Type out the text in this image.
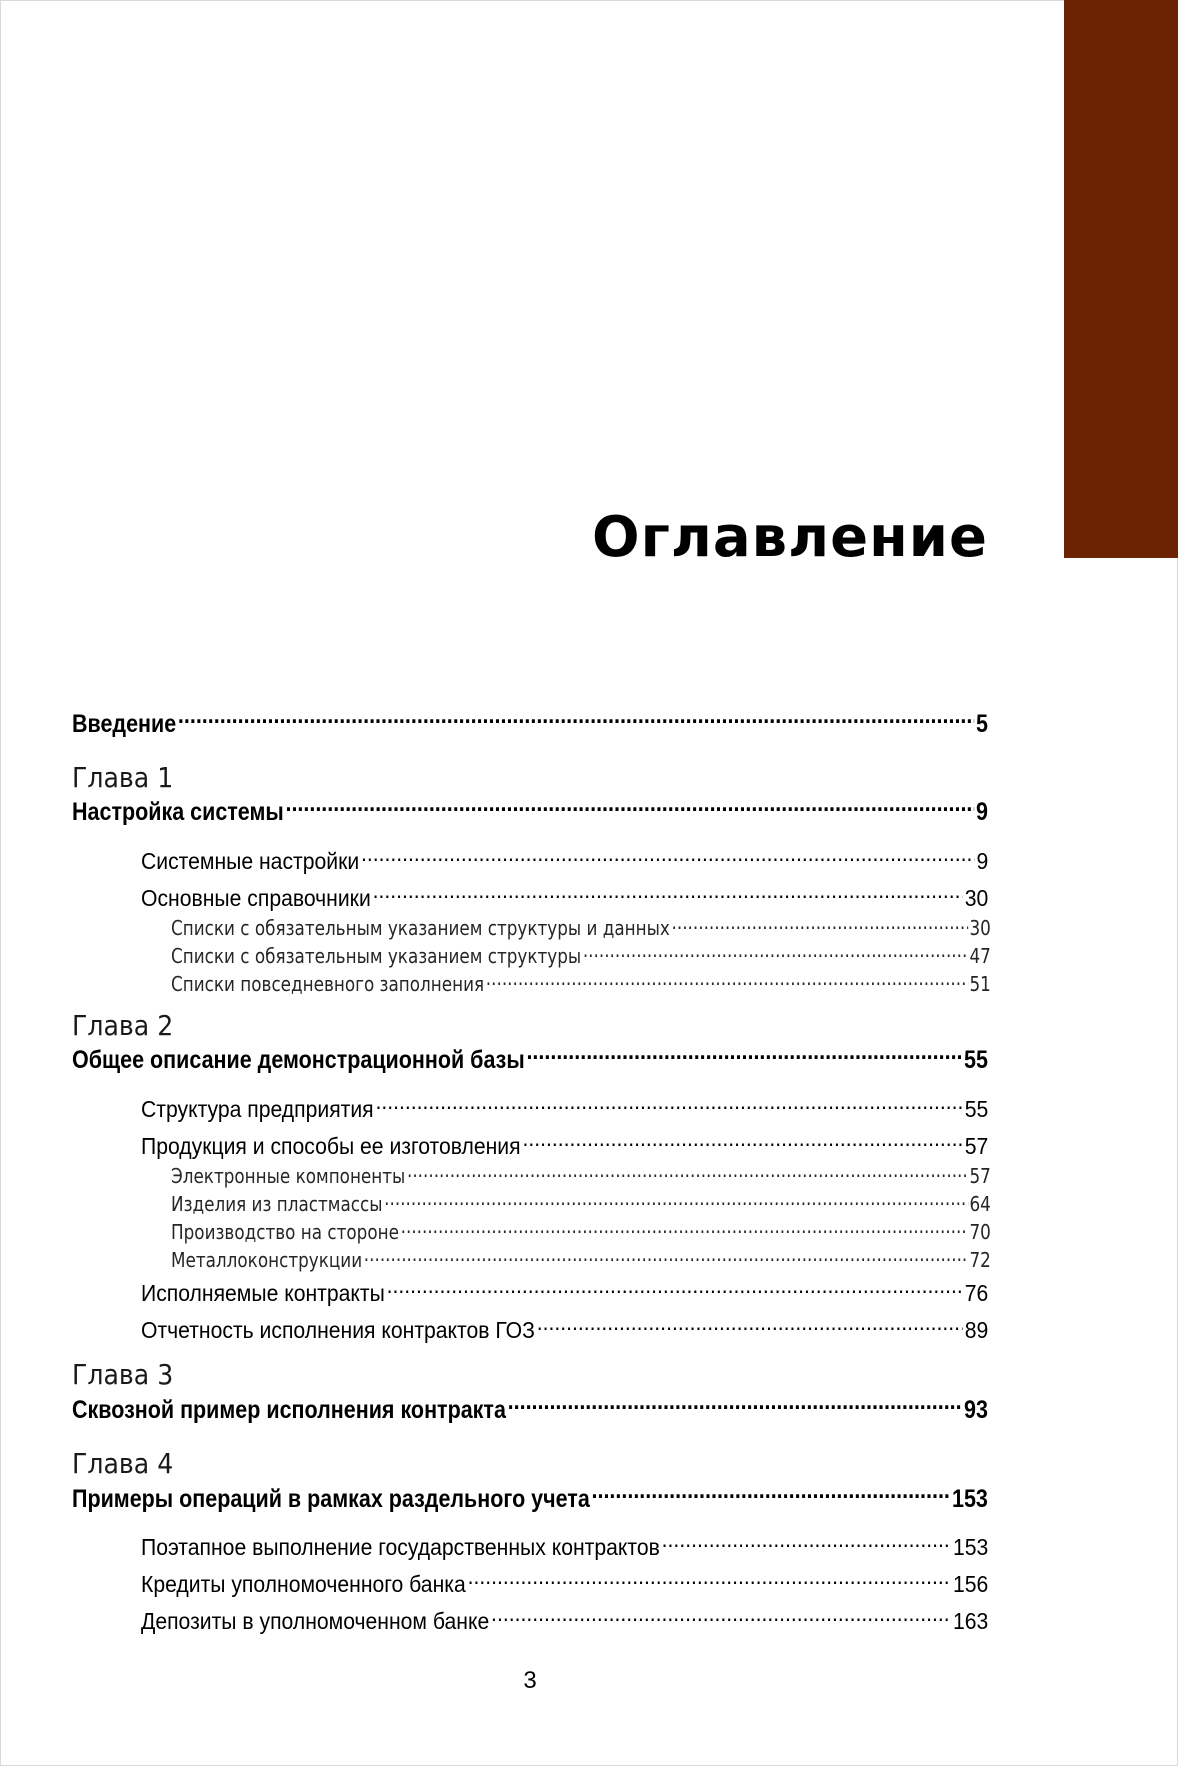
Оглавление
Введение .....	5
Глава 1
Настройка системы .....	9
Системные настройки .....	9
Основные справочники .....	30
Списки с обязательным указанием структуры и данных .....	30
Списки с обязательным указанием структуры .....	47
Списки повседневного заполнения .....	51
Глава 2
Общее описание демонстрационной базы .....	55
Структура предприятия .....	55
Продукция и способы ее изготовления .....	57
Электронные компоненты .....	57
Изделия из пластмассы .....	64
Производство на стороне .....	70
Металлоконструкции .....	72
Исполняемые контракты .....	76
Отчетность исполнения контрактов ГОЗ .....	89
Глава 3
Сквозной пример исполнения контракта .....	93
Глава 4
Примеры операций в рамках раздельного учета .....	153
Поэтапное выполнение государственных контрактов .....	153
Кредиты уполномоченного банка .....	156
Депозиты в уполномоченном банке .....	163
3
